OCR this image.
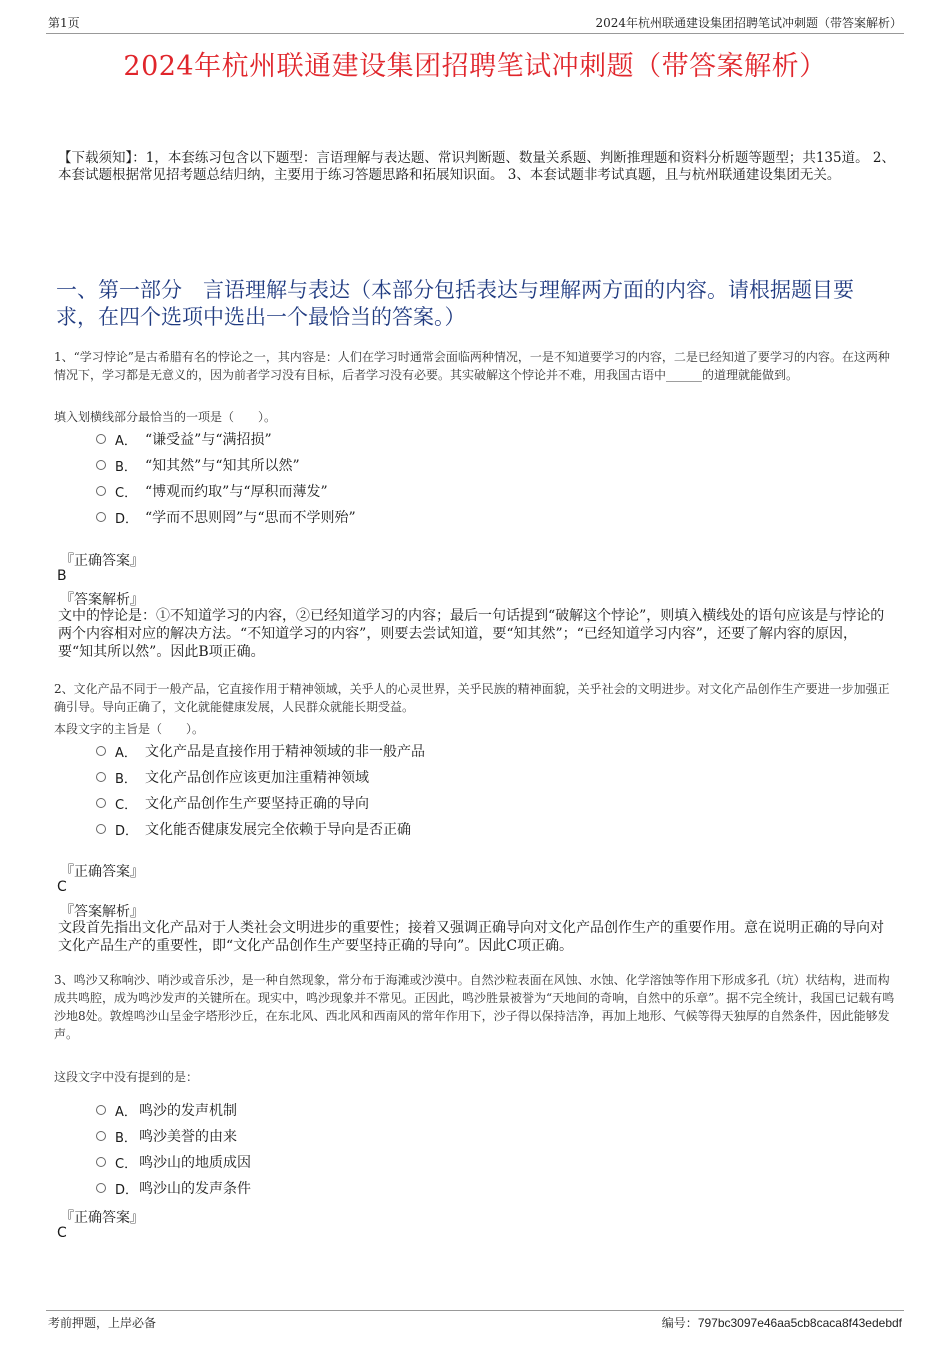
第1页	2024年杭州联通建设集团招聘笔试冲刺题（带答案解析）
2024年杭州联通建设集团招聘笔试冲刺题（带答案解析）
【下载须知】：1，本套练习包含以下题型：言语理解与表达题、常识判断题、数量关系题、判断推理题和资料分析题等题型；共135道。 2、本套试题根据常见招考题总结归纳，主要用于练习答题思路和拓展知识面。 3、本套试题非考试真题，且与杭州联通建设集团无关。
一、第一部分　言语理解与表达（本部分包括表达与理解两方面的内容。请根据题目要求，在四个选项中选出一个最恰当的答案。）
1、“学习悖论”是古希腊有名的悖论之一，其内容是：人们在学习时通常会面临两种情况，一是不知道要学习的内容，二是已经知道了要学习的内容。在这两种情况下，学习都是无意义的，因为前者学习没有目标，后者学习没有必要。其实破解这个悖论并不难，用我国古语中______的道理就能做到。
填入划横线部分最恰当的一项是（　　）。
A． “谦受益”与“满招损”
B． “知其然”与“知其所以然”
C． “博观而约取”与“厚积而薄发”
D． “学而不思则罔”与“思而不学则殆”
『正确答案』
B
『答案解析』
文中的悖论是：①不知道学习的内容，②已经知道学习的内容；最后一句话提到“破解这个悖论”，则填入横线处的语句应该是与悖论的两个内容相对应的解决方法。“不知道学习的内容”，则要去尝试知道，要“知其然”；“已经知道学习内容”，还要了解内容的原因，要“知其所以然”。因此B项正确。
2、文化产品不同于一般产品，它直接作用于精神领域，关乎人的心灵世界，关乎民族的精神面貌，关乎社会的文明进步。对文化产品创作生产要进一步加强正确引导。导向正确了，文化就能健康发展，人民群众就能长期受益。
本段文字的主旨是（　　）。
A． 文化产品是直接作用于精神领域的非一般产品
B． 文化产品创作应该更加注重精神领域
C． 文化产品创作生产要坚持正确的导向
D． 文化能否健康发展完全依赖于导向是否正确
『正确答案』
C
『答案解析』
文段首先指出文化产品对于人类社会文明进步的重要性；接着又强调正确导向对文化产品创作生产的重要作用。意在说明正确的导向对文化产品生产的重要性，即“文化产品创作生产要坚持正确的导向”。因此C项正确。
3、鸣沙又称响沙、哨沙或音乐沙，是一种自然现象，常分布于海滩或沙漠中。自然沙粒表面在风蚀、水蚀、化学溶蚀等作用下形成多孔（坑）状结构，进而构成共鸣腔，成为鸣沙发声的关键所在。现实中，鸣沙现象并不常见。正因此，鸣沙胜景被誉为“天地间的奇响，自然中的乐章”。据不完全统计，我国已记载有鸣沙地8处。敦煌鸣沙山呈金字塔形沙丘，在东北风、西北风和西南风的常年作用下，沙子得以保持洁净，再加上地形、气候等得天独厚的自然条件，因此能够发声。
这段文字中没有提到的是：
A． 鸣沙的发声机制
B． 鸣沙美誉的由来
C． 鸣沙山的地质成因
D． 鸣沙山的发声条件
『正确答案』
C
考前押题，上岸必备	编号：797bc3097e46aa5cb8caca8f43edebdf
